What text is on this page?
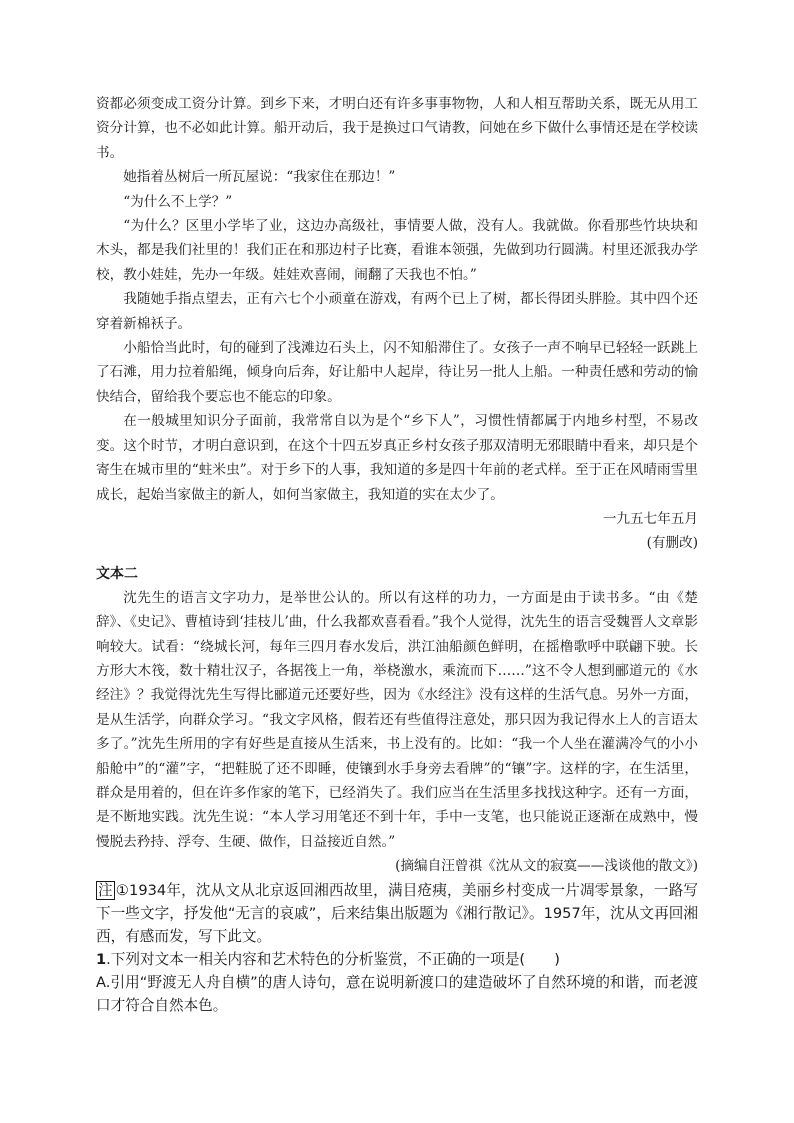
资都必须变成工资分计算。到乡下来，才明白还有许多事事物物，人和人相互帮助关系，既无从用工资分计算，也不必如此计算。船开动后，我于是换过口气请教，问她在乡下做什么事情还是在学校读书。

她指着丛树后一所瓦屋说：“我家住在那边！”

“为什么不上学？”

“为什么？区里小学毕了业，这边办高级社，事情要人做，没有人。我就做。你看那些竹块块和木头，都是我们社里的！我们正在和那边村子比赛，看谁本领强，先做到功行圆满。村里还派我办学校，教小娃娃，先办一年级。娃娃欢喜闹，闹翻了天我也不怕。”

我随她手指点望去，正有六七个小顽童在游戏，有两个已上了树，都长得团头胖脸。其中四个还穿着新棉袄子。

小船恰当此时，旬的碰到了浅滩边石头上，闪不知船滞住了。女孩子一声不响早已轻轻一跃跳上了石滩，用力拉着船绳，倾身向后奔，好让船中人起岸，待让另一批人上船。一种责任感和劳动的愉快结合，留给我个要忘也不能忘的印象。

在一般城里知识分子面前，我常常自以为是个“乡下人”，习惯性情都属于内地乡村型，不易改变。这个时节，才明白意识到，在这个十四五岁真正乡村女孩子那双清明无邪眼睛中看来，却只是个寄生在城市里的“蛀米虫”。对于乡下的人事，我知道的多是四十年前的老式样。至于正在风晴雨雪里成长，起始当家做主的新人，如何当家做主，我知道的实在太少了。

一九五七年五月
(有删改)
文本二

沈先生的语言文字功力，是举世公认的。所以有这样的功力，一方面是由于读书多。“由《楚辞》、《史记》、曹植诗到‘挂枝儿’曲，什么我都欢喜看看。”我个人觉得，沈先生的语言受魏晋人文章影响较大。试看：“绕城长河，每年三四月春水发后，洪江油船颜色鲜明，在摇橹歌呼中联翩下驶。长方形大木筏，数十精壮汉子，各据筏上一角，举桡激水，乘流而下……”这不令人想到郦道元的《水经注》？我觉得沈先生写得比郦道元还要好些，因为《水经注》没有这样的生活气息。另外一方面，是从生活学，向群众学习。“我文字风格，假若还有些值得注意处，那只因为我记得水上人的言语太多了。”沈先生所用的字有好些是直接从生活来，书上没有的。比如：“我一个人坐在灌满冷气的小小船舱中”的“灌”字，“把鞋脱了还不即睡，使镶到水手身旁去看牌”的“镶”字。这样的字，在生活里，群众是用着的，但在许多作家的笔下，已经消失了。我们应当在生活里多找找这种字。还有一方面，是不断地实践。沈先生说：“本人学习用笔还不到十年，手中一支笔，也只能说正逐渐在成熟中，慢慢脱去矜持、浮夸、生硬、做作，日益接近自然。”

(摘编自汪曾祺《沈从文的寂寞——浅谈他的散文》)

注 ①1934年，沈从文从北京返回湘西故里，满目疮痍，美丽乡村变成一片凋零景象，一路写下一些文字，抒发他“无言的哀戚”，后来结集出版题为《湘行散记》。1957年，沈从文再回湘西，有感而发，写下此文。

1.下列对文本一相关内容和艺术特色的分析鉴赏，不正确的一项是(　　)

A.引用“野渡无人舟自横”的唐人诗句，意在说明新渡口的建造破坏了自然环境的和谐，而老渡口才符合自然本色。
